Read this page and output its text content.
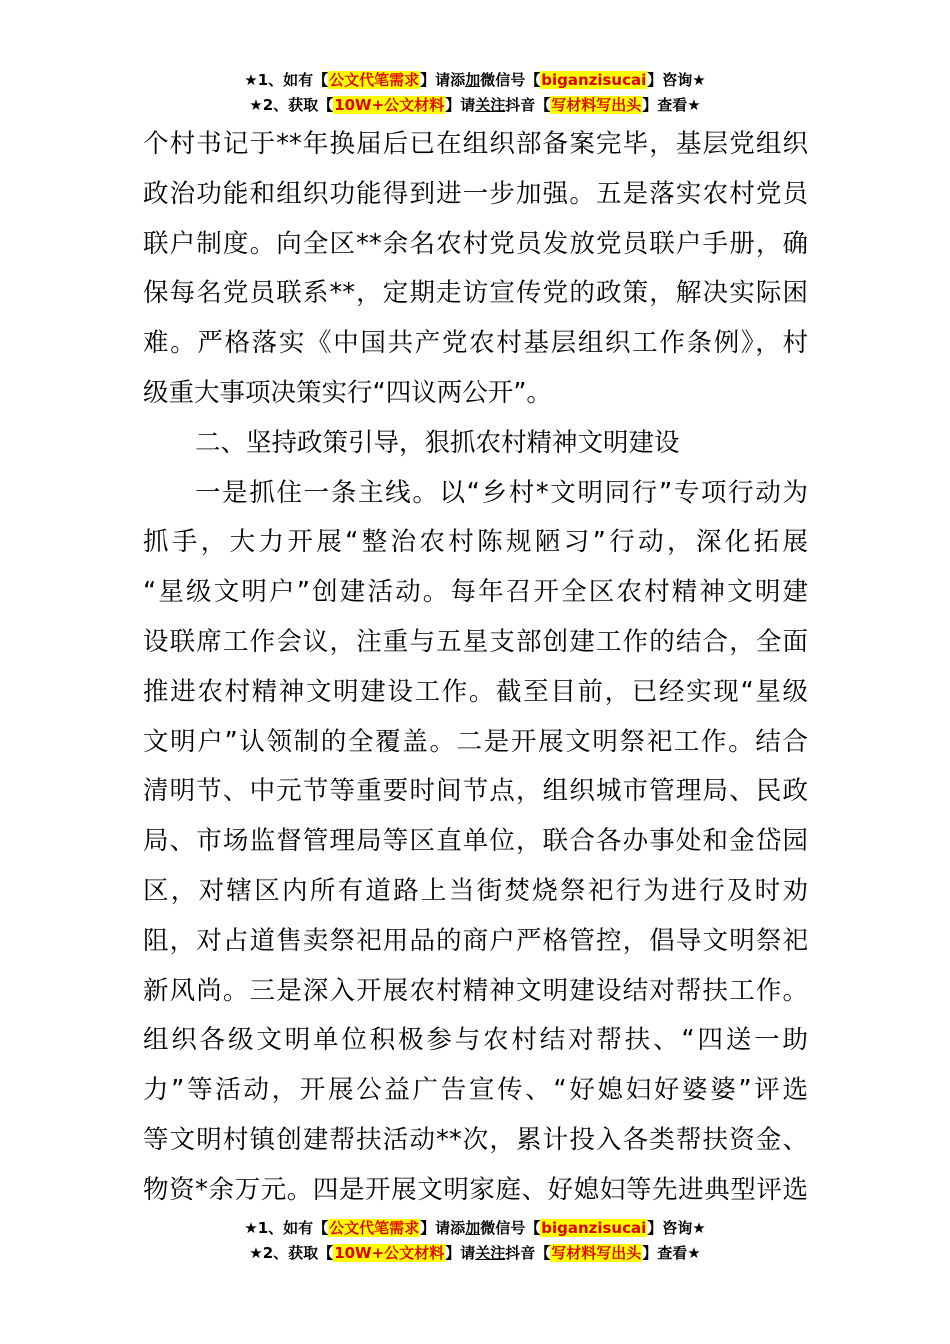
★1、如有【公文代笔需求】请添加微信号【biganzisucai】咨询★
★2、获取【10W+公文材料】请关注抖音【写材料写出头】查看★
个村书记于**年换届后已在组织部备案完毕，基层党组织
政治功能和组织功能得到进一步加强。五是落实农村党员
联户制度。向全区**余名农村党员发放党员联户手册，确
保每名党员联系**，定期走访宣传党的政策，解决实际困
难。严格落实《中国共产党农村基层组织工作条例》，村
级重大事项决策实行“四议两公开”。
二、坚持政策引导，狠抓农村精神文明建设
一是抓住一条主线。以“乡村*文明同行”专项行动为
抓手，大力开展“整治农村陈规陋习”行动，深化拓展
“星级文明户”创建活动。每年召开全区农村精神文明建
设联席工作会议，注重与五星支部创建工作的结合，全面
推进农村精神文明建设工作。截至目前，已经实现“星级
文明户”认领制的全覆盖。二是开展文明祭祀工作。结合
清明节、中元节等重要时间节点，组织城市管理局、民政
局、市场监督管理局等区直单位，联合各办事处和金岱园
区，对辖区内所有道路上当街焚烧祭祀行为进行及时劝
阻，对占道售卖祭祀用品的商户严格管控，倡导文明祭祀
新风尚。三是深入开展农村精神文明建设结对帮扶工作。
组织各级文明单位积极参与农村结对帮扶、“四送一助
力”等活动，开展公益广告宣传、“好媳妇好婆婆”评选
等文明村镇创建帮扶活动**次，累计投入各类帮扶资金、
物资*余万元。四是开展文明家庭、好媳妇等先进典型评选
★1、如有【公文代笔需求】请添加微信号【biganzisucai】咨询★
★2、获取【10W+公文材料】请关注抖音【写材料写出头】查看★
